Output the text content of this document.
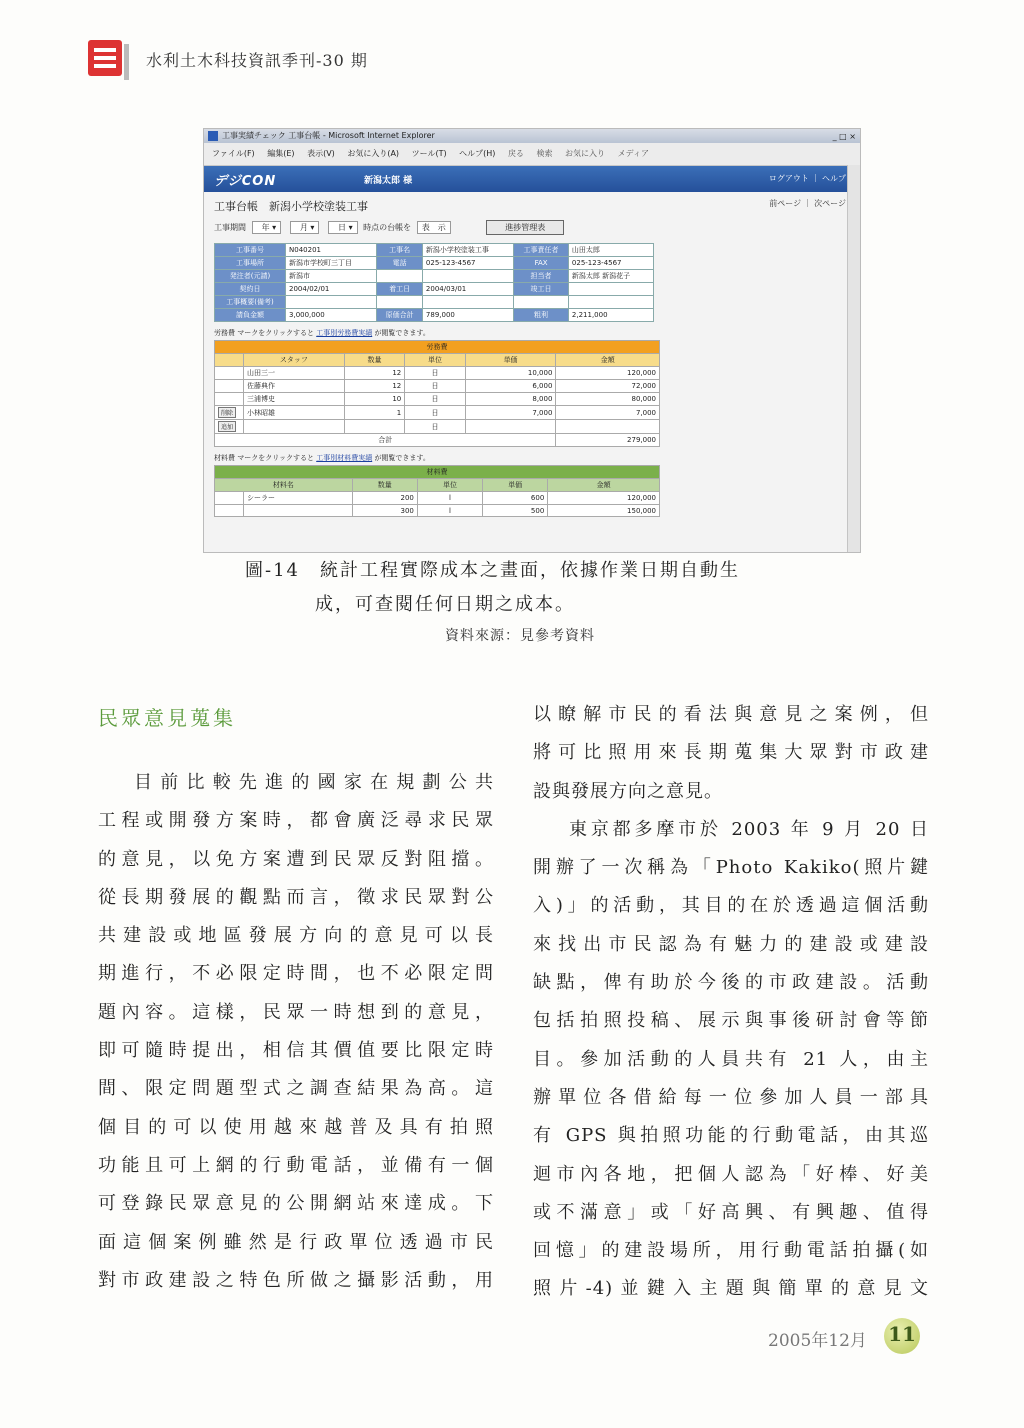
水利土木科技資訊季刊-30 期
工事実績チェック 工事台帳 - Microsoft Internet Explorer	_ □ ×
ファイル(F) 編集(E) 表示(V) お気に入り(A) ツール(T) ヘルプ(H) 戻る 検索 お気に入り メディア
デジCON	新潟太郎 様	ログアウト ｜ ヘルプ
工事台帳　新潟小学校塗装工事	前ページ ｜ 次ページ
工事期間 年 ▾	月 ▾	日 ▾ 時点の台帳を 表　示	進捗管理表
工事番号	N040201	工事名	新潟小学校塗装工事	工事責任者	山田太郎
工事場所	新潟市学校町三丁目	電話	025-123-4567	FAX	025-123-4567
発注者(元請)	新潟市			担当者	新潟太郎 新潟花子
契約日	2004/02/01	着工日	2004/03/01	竣工日	
工事概要(備考)					
請負金額	3,000,000	原価合計	789,000	粗利	2,211,000
労務費 マークをクリックすると 工事別労務費実績 が閲覧できます。
労務費					
	スタッフ	数量	単位	単価	金額
	山田三一	12	日	10,000	120,000
	佐藤典作	12	日	6,000	72,000
	三浦博史	10	日	8,000	80,000
削除	小林昭雄	1	日	7,000	7,000
追加			日		
合計					279,000
材料費 マークをクリックすると 工事別材料費実績 が閲覧できます。
材料費					
材料名		数量	単位	単価	金額
	シーラー	200	l	600	120,000
		300	l	500	150,000
圖-14　統計工程實際成本之畫面，依據作業日期自動生
成，可查閱任何日期之成本。
資料來源：見參考資料
民眾意見蒐集
目前比較先進的國家在規劃公共
工程或開發方案時，都會廣泛尋求民眾
的意見，以免方案遭到民眾反對阻擋。
從長期發展的觀點而言，徵求民眾對公
共建設或地區發展方向的意見可以長
期進行，不必限定時間，也不必限定問
題內容。這樣，民眾一時想到的意見，
即可隨時提出，相信其價值要比限定時
間、限定問題型式之調查結果為高。這
個目的可以使用越來越普及具有拍照
功能且可上網的行動電話，並備有一個
可登錄民眾意見的公開網站來達成。下
面這個案例雖然是行政單位透過市民
對市政建設之特色所做之攝影活動，用
以瞭解市民的看法與意見之案例，但
將可比照用來長期蒐集大眾對市政建
設與發展方向之意見。
東京都多摩市於 2003 年 9 月 20 日
開辦了一次稱為「Photo Kakiko(照片鍵
入)」的活動，其目的在於透過這個活動
來找出市民認為有魅力的建設或建設
缺點，俾有助於今後的市政建設。活動
包括拍照投稿、展示與事後研討會等節
目。參加活動的人員共有 21 人，由主
辦單位各借給每一位參加人員一部具
有 GPS 與拍照功能的行動電話，由其巡
迴市內各地，把個人認為「好棒、好美
或不滿意」或「好高興、有興趣、值得
回憶」的建設場所，用行動電話拍攝(如
照片-4)並鍵入主題與簡單的意見文
2005年12月 11
